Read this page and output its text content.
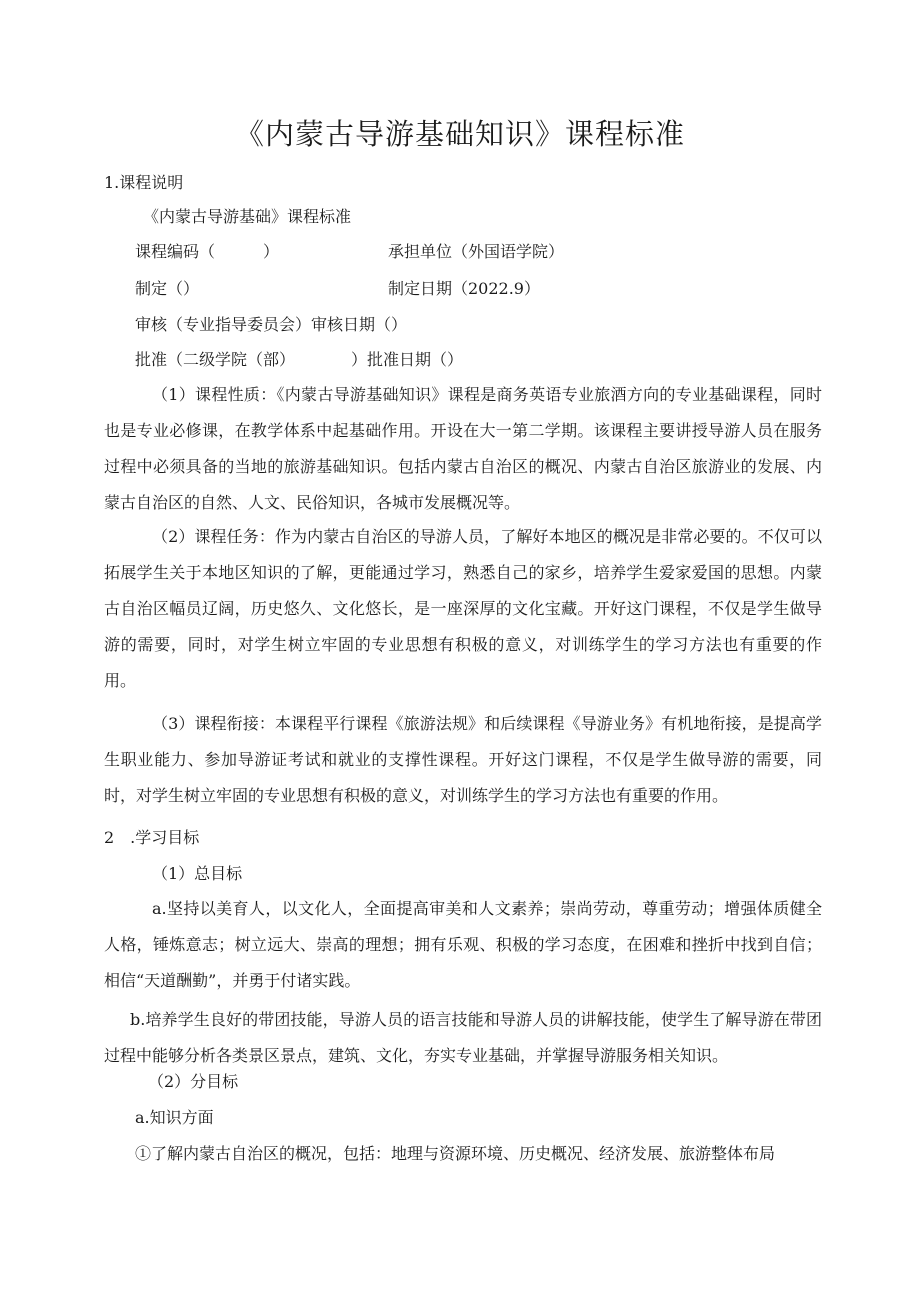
《内蒙古导游基础知识》课程标准
1.课程说明
《内蒙古导游基础》课程标准
课程编码（　　　）	承担单位（外国语学院）
制定（）	制定日期（2022.9）
审核（专业指导委员会）审核日期（）
批准（二级学院（部）　　　　）批准日期（）
（1）课程性质：《内蒙古导游基础知识》课程是商务英语专业旅酒方向的专业基础课程，同时也是专业必修课，在教学体系中起基础作用。开设在大一第二学期。该课程主要讲授导游人员在服务过程中必须具备的当地的旅游基础知识。包括内蒙古自治区的概况、内蒙古自治区旅游业的发展、内蒙古自治区的自然、人文、民俗知识，各城市发展概况等。
（2）课程任务：作为内蒙古自治区的导游人员，了解好本地区的概况是非常必要的。不仅可以拓展学生关于本地区知识的了解，更能通过学习，熟悉自己的家乡，培养学生爱家爱国的思想。内蒙古自治区幅员辽阔，历史悠久、文化悠长，是一座深厚的文化宝藏。开好这门课程，不仅是学生做导游的需要，同时，对学生树立牢固的专业思想有积极的意义，对训练学生的学习方法也有重要的作用。
（3）课程衔接：本课程平行课程《旅游法规》和后续课程《导游业务》有机地衔接，是提高学生职业能力、参加导游证考试和就业的支撑性课程。开好这门课程，不仅是学生做导游的需要，同时，对学生树立牢固的专业思想有积极的意义，对训练学生的学习方法也有重要的作用。
2　.学习目标
（1）总目标
a.坚持以美育人，以文化人，全面提高审美和人文素养；崇尚劳动，尊重劳动；增强体质健全人格，锤炼意志；树立远大、崇高的理想；拥有乐观、积极的学习态度，在困难和挫折中找到自信；相信“天道酬勤”，并勇于付诸实践。
b.培养学生良好的带团技能，导游人员的语言技能和导游人员的讲解技能，使学生了解导游在带团过程中能够分析各类景区景点，建筑、文化，夯实专业基础，并掌握导游服务相关知识。
（2）分目标
a.知识方面
①了解内蒙古自治区的概况，包括：地理与资源环境、历史概况、经济发展、旅游整体布局
